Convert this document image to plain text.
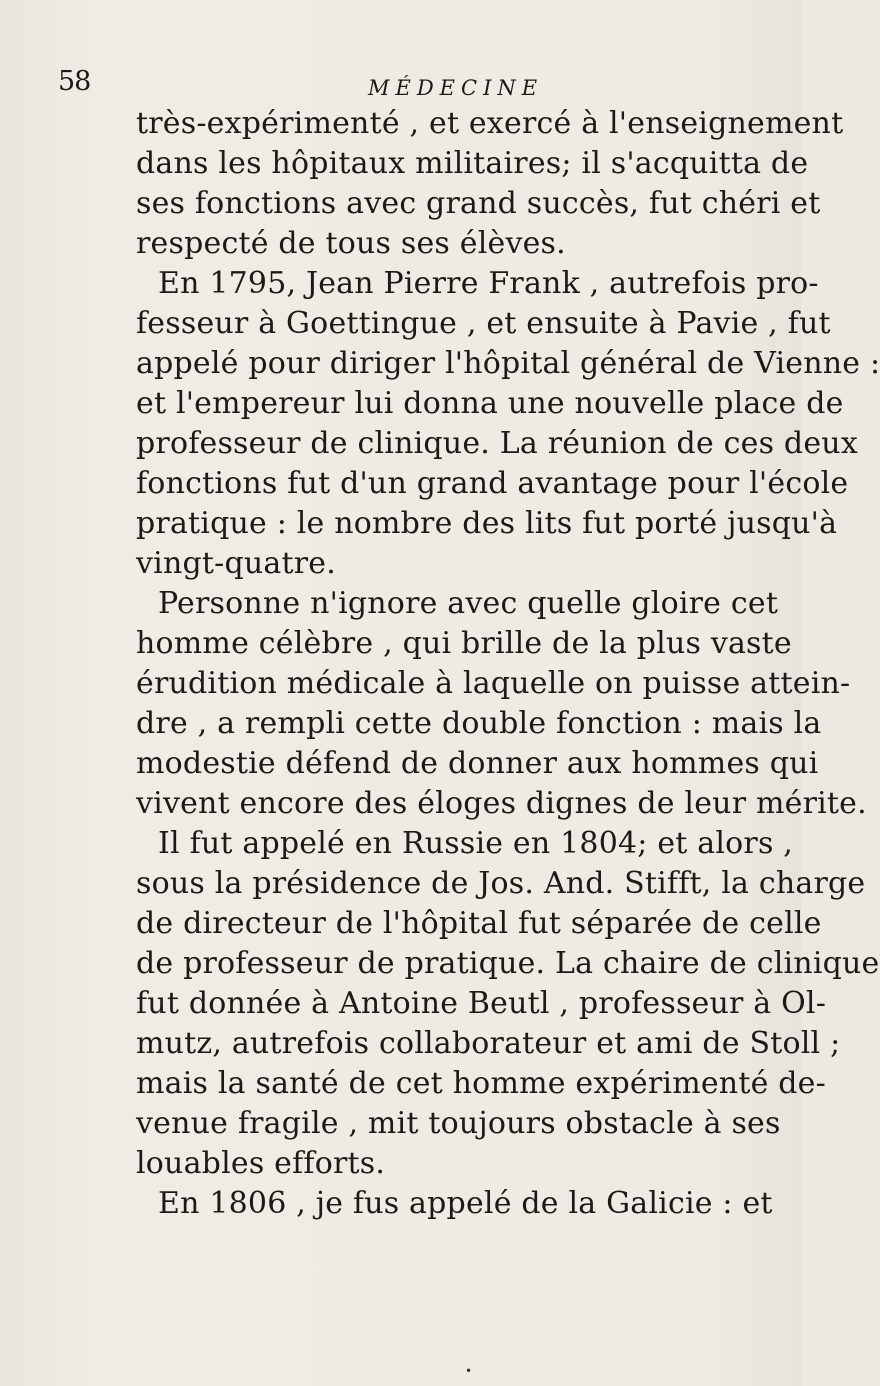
58	MÉDECINE
très-expérimenté , et exercé à l'enseignement
dans les hôpitaux militaires; il s'acquitta de
ses fonctions avec grand succès, fut chéri et
respecté de tous ses élèves.
En 1795, Jean Pierre Frank , autrefois pro-
fesseur à Goettingue , et ensuite à Pavie , fut
appelé pour diriger l'hôpital général de Vienne :
et l'empereur lui donna une nouvelle place de
professeur de clinique. La réunion de ces deux
fonctions fut d'un grand avantage pour l'école
pratique : le nombre des lits fut porté jusqu'à
vingt-quatre.
Personne n'ignore avec quelle gloire cet
homme célèbre , qui brille de la plus vaste
érudition médicale à laquelle on puisse attein-
dre , a rempli cette double fonction : mais la
modestie défend de donner aux hommes qui
vivent encore des éloges dignes de leur mérite.
Il fut appelé en Russie en 1804; et alors ,
sous la présidence de Jos. And. Stifft, la charge
de directeur de l'hôpital fut séparée de celle
de professeur de pratique. La chaire de clinique
fut donnée à Antoine Beutl , professeur à Ol-
mutz, autrefois collaborateur et ami de Stoll ;
mais la santé de cet homme expérimenté de-
venue fragile , mit toujours obstacle à ses
louables efforts.
En 1806 , je fus appelé de la Galicie : et
•
